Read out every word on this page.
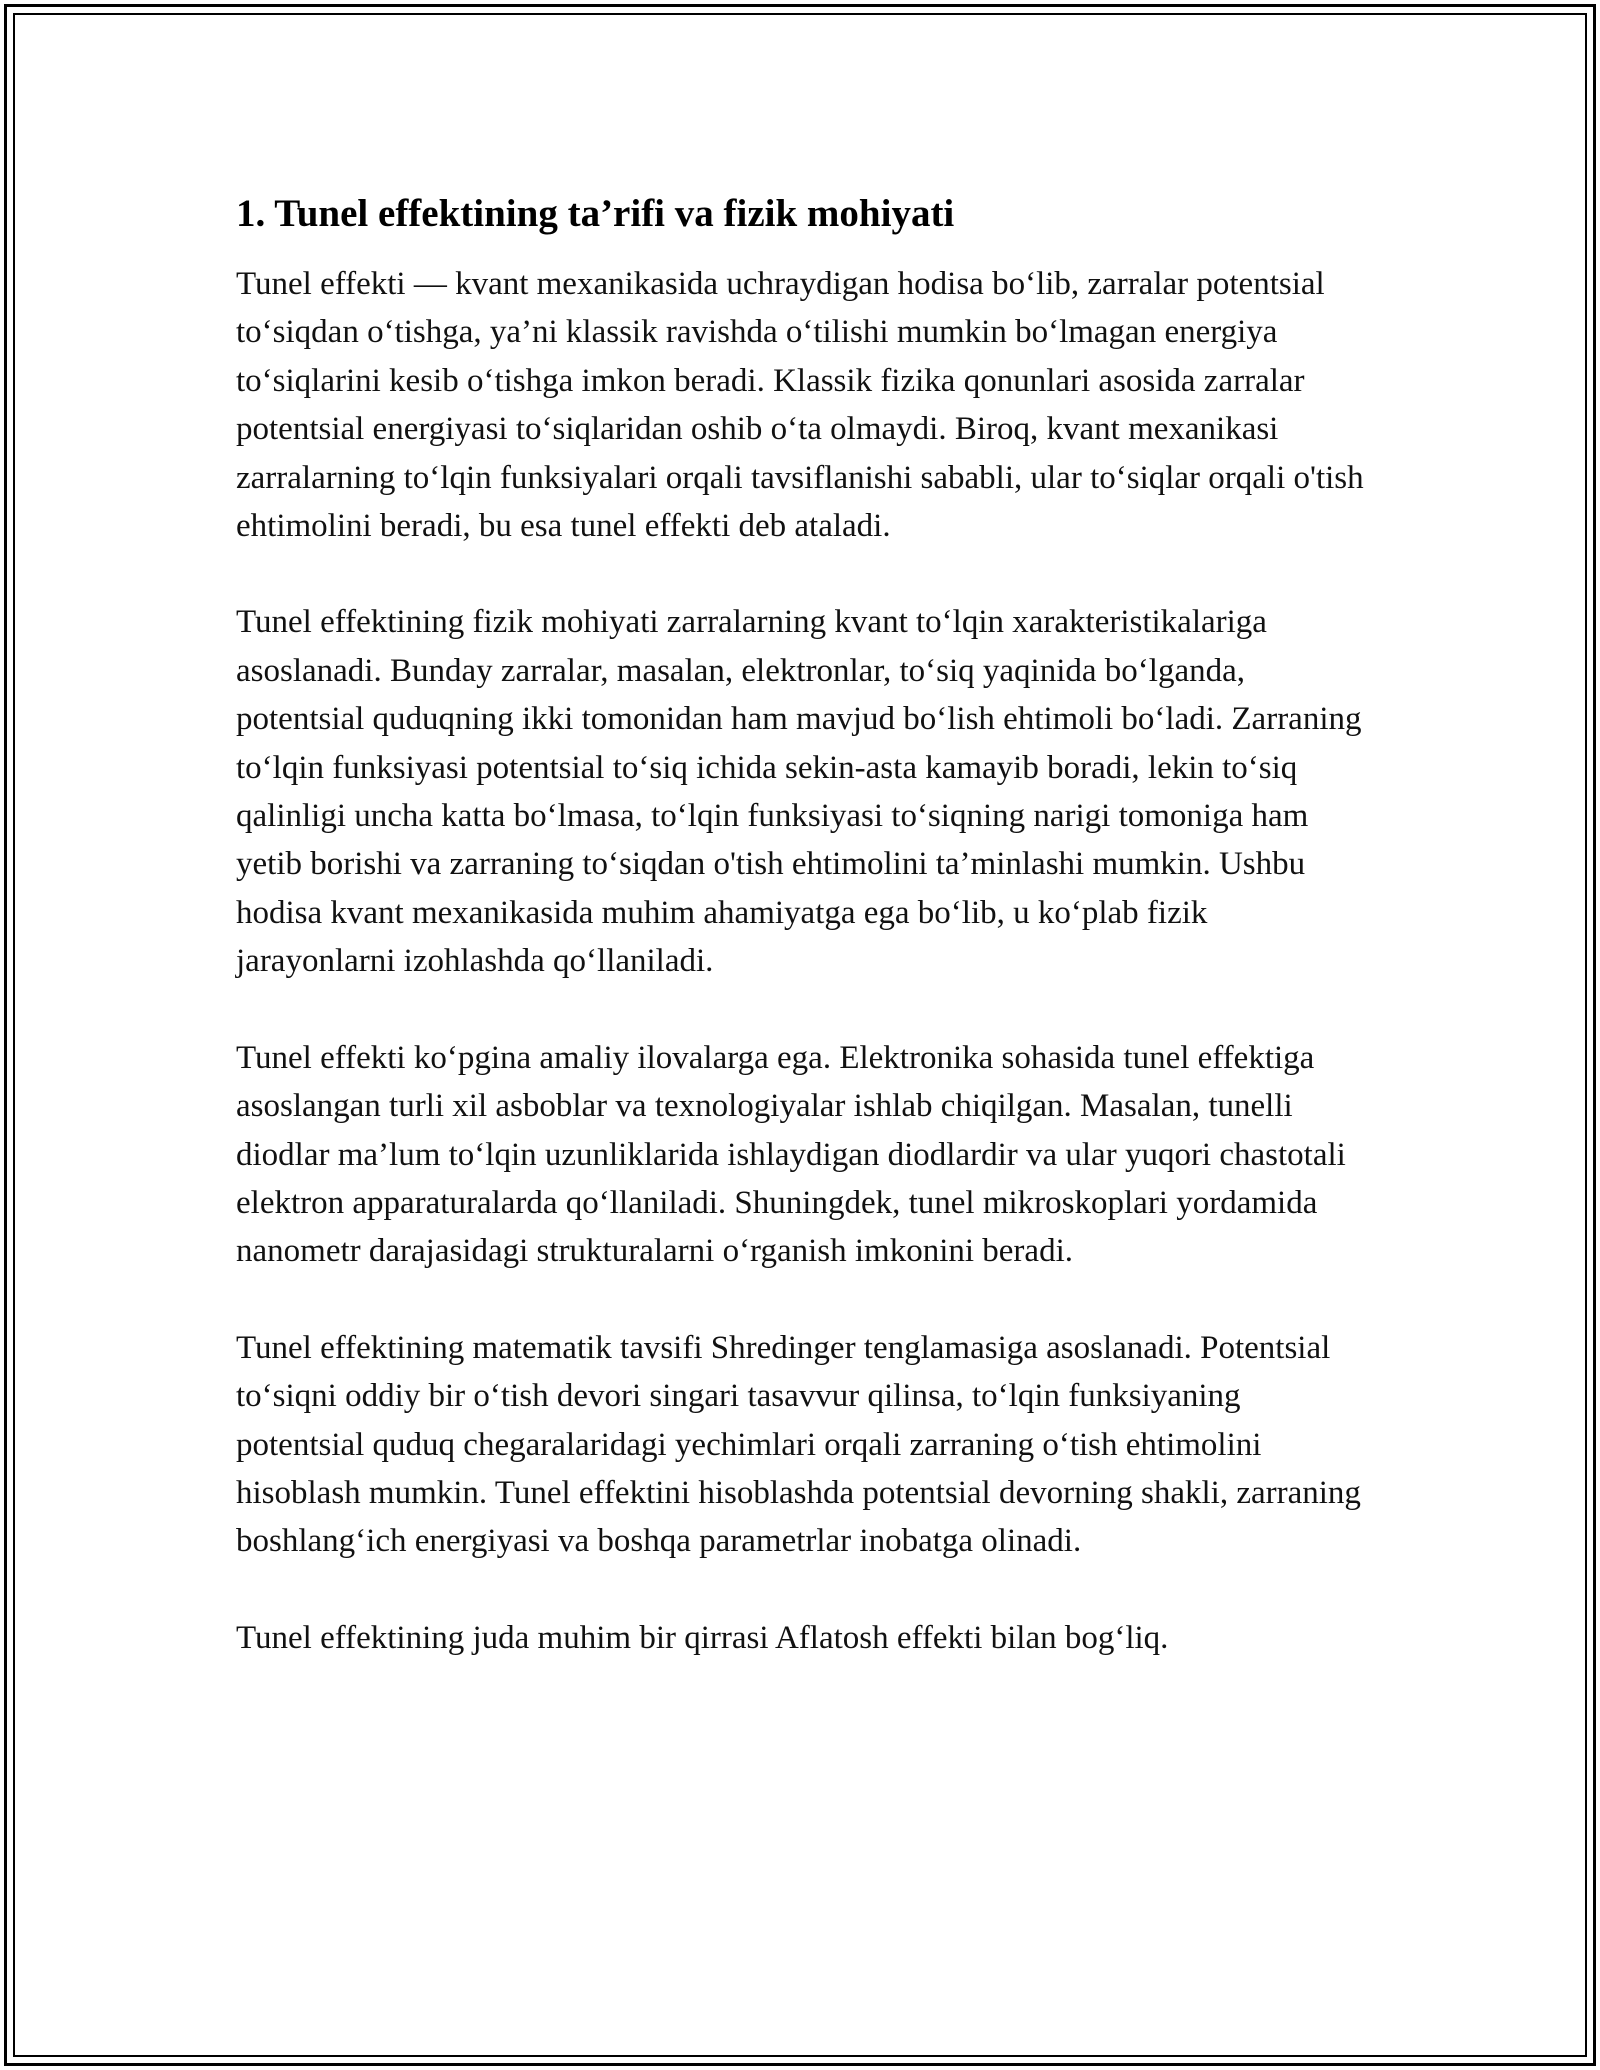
1. Tunel effektining ta’rifi va fizik mohiyati

Tunel effekti — kvant mexanikasida uchraydigan hodisa bo‘lib, zarralar potentsial to‘siqdan o‘tishga, ya’ni klassik ravishda o‘tilishi mumkin bo‘lmagan energiya to‘siqlarini kesib o‘tishga imkon beradi. Klassik fizika qonunlari asosida zarralar potentsial energiyasi to‘siqlaridan oshib o‘ta olmaydi. Biroq, kvant mexanikasi zarralarning to‘lqin funksiyalari orqali tavsiflanishi sababli, ular to‘siqlar orqali o'tish ehtimolini beradi, bu esa tunel effekti deb ataladi.

Tunel effektining fizik mohiyati zarralarning kvant to‘lqin xarakteristikalariga asoslanadi. Bunday zarralar, masalan, elektronlar, to‘siq yaqinida bo‘lganda, potentsial quduqning ikki tomonidan ham mavjud bo‘lish ehtimoli bo‘ladi. Zarraning to‘lqin funksiyasi potentsial to‘siq ichida sekin-asta kamayib boradi, lekin to‘siq qalinligi uncha katta bo‘lmasa, to‘lqin funksiyasi to‘siqning narigi tomoniga ham yetib borishi va zarraning to‘siqdan o'tish ehtimolini ta’minlashi mumkin. Ushbu hodisa kvant mexanikasida muhim ahamiyatga ega bo‘lib, u ko‘plab fizik jarayonlarni izohlashda qo‘llaniladi.

Tunel effekti ko‘pgina amaliy ilovalarga ega. Elektronika sohasida tunel effektiga asoslangan turli xil asboblar va texnologiyalar ishlab chiqilgan. Masalan, tunelli diodlar ma’lum to‘lqin uzunliklarida ishlaydigan diodlardir va ular yuqori chastotali elektron apparaturalarda qo‘llaniladi. Shuningdek, tunel mikroskoplari yordamida nanometr darajasidagi strukturalarni o‘rganish imkonini beradi.

Tunel effektining matematik tavsifi Shredinger tenglamasiga asoslanadi. Potentsial to‘siqni oddiy bir o‘tish devori singari tasavvur qilinsa, to‘lqin funksiyaning potentsial quduq chegaralaridagi yechimlari orqali zarraning o‘tish ehtimolini hisoblash mumkin. Tunel effektini hisoblashda potentsial devorning shakli, zarraning boshlang‘ich energiyasi va boshqa parametrlar inobatga olinadi.

Tunel effektining juda muhim bir qirrasi Aflatosh effekti bilan bog‘liq.
